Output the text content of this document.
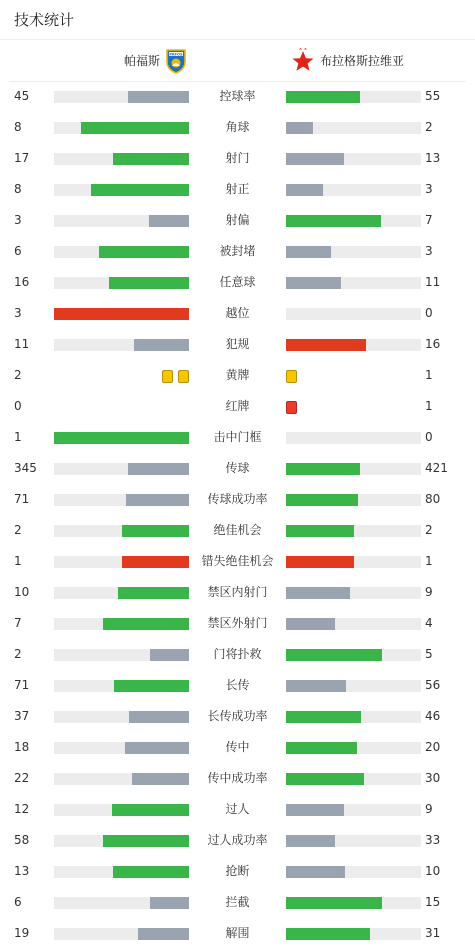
技术统计
帕福斯
PAFOS
布拉格斯拉维亚
45	控球率	55
8	角球	2
17	射门	13
8	射正	3
3	射偏	7
6	被封堵	3
16	任意球	11
3	越位	0
11	犯规	16
2	黄牌	1
0	红牌	1
1	击中门框	0
345	传球	421
71	传球成功率	80
2	绝佳机会	2
1	错失绝佳机会	1
10	禁区内射门	9
7	禁区外射门	4
2	门将扑救	5
71	长传	56
37	长传成功率	46
18	传中	20
22	传中成功率	30
12	过人	9
58	过人成功率	33
13	抢断	10
6	拦截	15
19	解围	31
